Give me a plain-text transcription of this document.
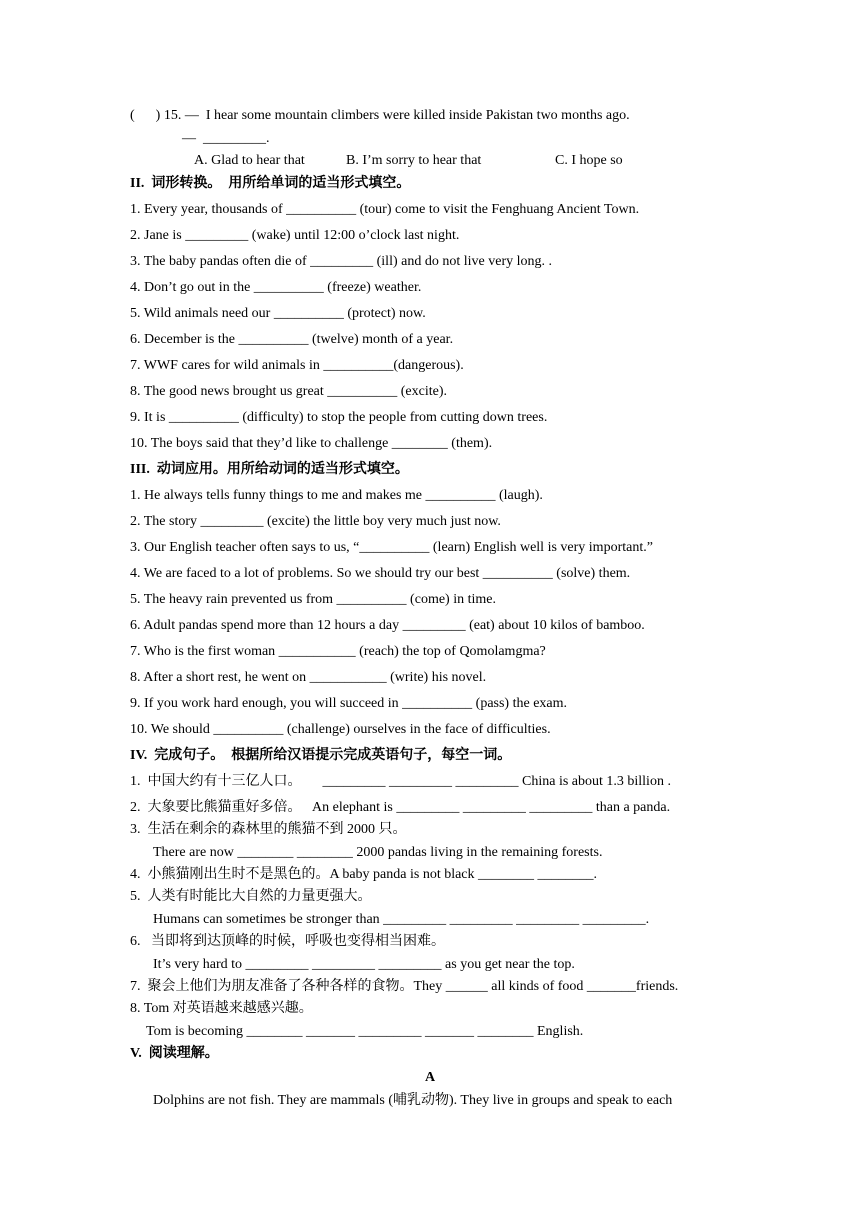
(      ) 15. —  I hear some mountain climbers were killed inside Pakistan two months ago.
—  _________.
A. Glad to hear that	B. I’m sorry to hear that	C. I hope so
II.  词形转换。  用所给单词的适当形式填空。
1. Every year, thousands of __________ (tour) come to visit the Fenghuang Ancient Town.
2. Jane is _________ (wake) until 12:00 o’clock last night.
3. The baby pandas often die of _________ (ill) and do not live very long. .
4. Don’t go out in the __________ (freeze) weather.
5. Wild animals need our __________ (protect) now.
6. December is the __________ (twelve) month of a year.
7. WWF cares for wild animals in __________(dangerous).
8. The good news brought us great __________ (excite).
9. It is __________ (difficulty) to stop the people from cutting down trees.
10. The boys said that they’d like to challenge ________ (them).
III.  动词应用。用所给动词的适当形式填空。
1. He always tells funny things to me and makes me __________ (laugh).
2. The story _________ (excite) the little boy very much just now.
3. Our English teacher often says to us, “__________ (learn) English well is very important.”
4. We are faced to a lot of problems. So we should try our best __________ (solve) them.
5. The heavy rain prevented us from __________ (come) in time.
6. Adult pandas spend more than 12 hours a day _________ (eat) about 10 kilos of bamboo.
7. Who is the first woman ___________ (reach) the top of Qomolamgma?
8. After a short rest, he went on ___________ (write) his novel.
9. If you work hard enough, you will succeed in __________ (pass) the exam.
10. We should __________ (challenge) ourselves in the face of difficulties.
IV.  完成句子。  根据所给汉语提示完成英语句子，每空一词。
1.  中国大约有十三亿人口。      _________ _________ _________ China is about 1.3 billion .
2.  大象要比熊猫重好多倍。   An elephant is _________ _________ _________ than a panda.
3.  生活在剩余的森林里的熊猫不到 2000 只。
There are now ________ ________ 2000 pandas living in the remaining forests.
4.  小熊猫刚出生时不是黑色的。A baby panda is not black ________ ________.
5.  人类有时能比大自然的力量更强大。
Humans can sometimes be stronger than _________ _________ _________ _________.
6.   当即将到达顶峰的时候，呼吸也变得相当困难。
It’s very hard to _________ _________ _________ as you get near the top.
7.  聚会上他们为朋友准备了各种各样的食物。They ______ all kinds of food _______friends.
8. Tom 对英语越来越感兴趣。
Tom is becoming ________ _______ _________ _______ ________ English.
V.  阅读理解。
A
Dolphins are not fish. They are mammals (哺乳动物). They live in groups and speak to each
